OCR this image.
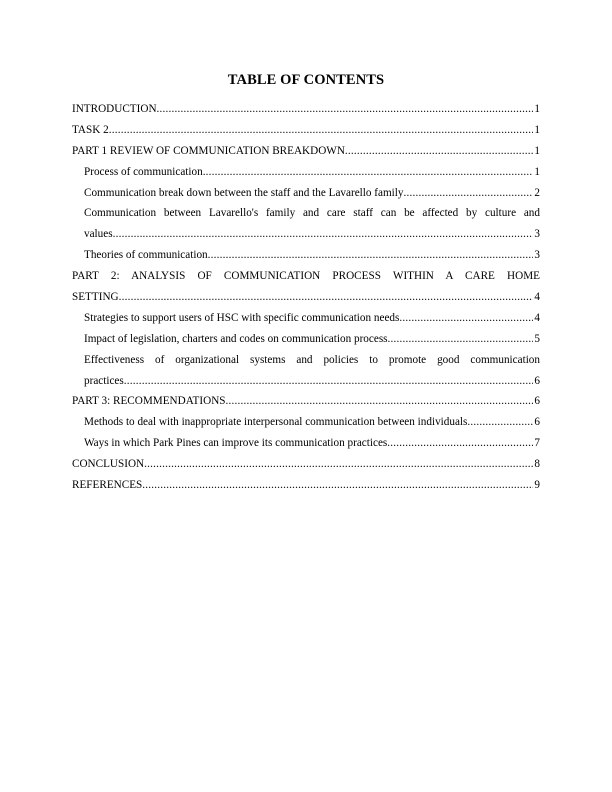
TABLE OF CONTENTS
INTRODUCTION .....	1
TASK 2 .....	1
PART 1 REVIEW OF COMMUNICATION BREAKDOWN .....	1
Process of communication .....	1
Communication break down between the staff and the Lavarello family .....	2
Communication between Lavarello's family and care staff can be affected by culture and
values .....	3
Theories of communication .....	3
PART 2: ANALYSIS OF COMMUNICATION PROCESS WITHIN A CARE HOME
SETTING .....	4
Strategies to support users of HSC with specific communication needs .....	4
Impact of legislation, charters and codes on communication process .....	5
Effectiveness of organizational systems and policies to promote good communication
practices .....	6
PART 3: RECOMMENDATIONS .....	6
Methods to deal with inappropriate interpersonal communication between individuals .....	6
Ways in which Park Pines can improve its communication practices .....	7
CONCLUSION .....	8
REFERENCES .....	9
